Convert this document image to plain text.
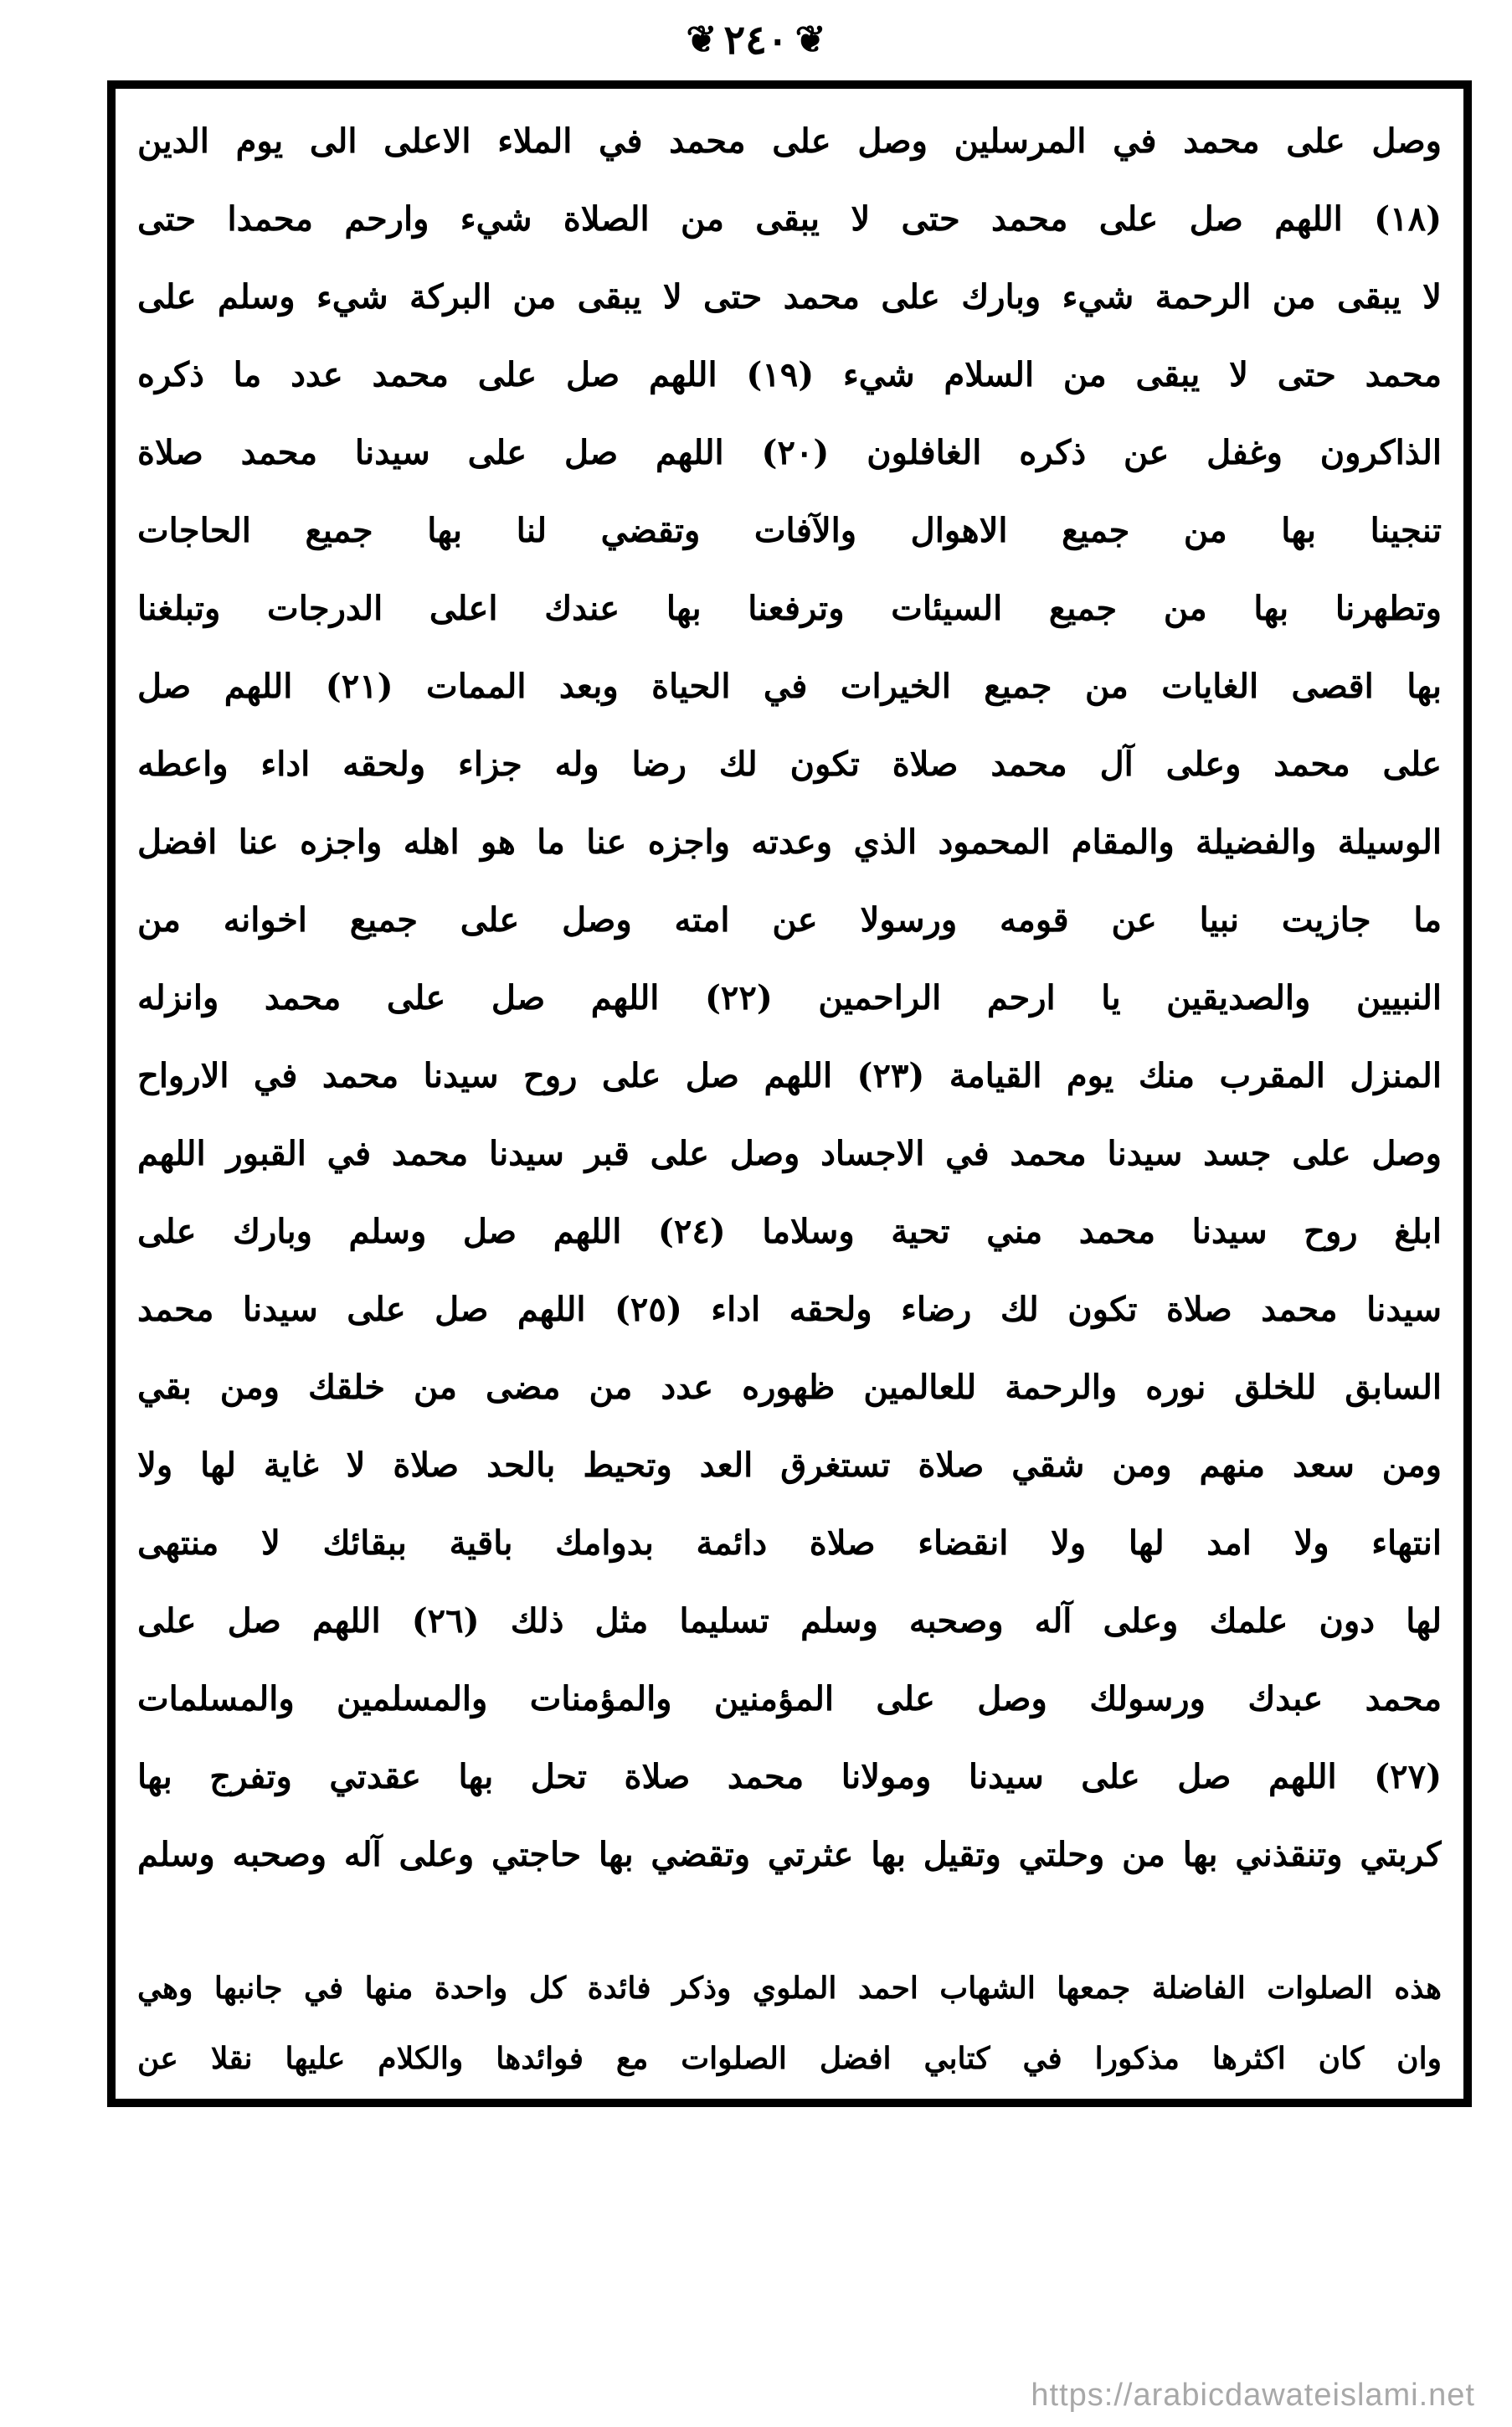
❦ ٢٤٠ ❦
وصل على محمد في المرسلين وصل على محمد في الملاء الاعلى الى يوم الدين
(١٨) اللهم صل على محمد حتى لا يبقى من الصلاة شيء وارحم محمدا حتى
لا يبقى من الرحمة شيء وبارك على محمد حتى لا يبقى من البركة شيء وسلم على
محمد حتى لا يبقى من السلام شيء (١٩) اللهم صل على محمد عدد ما ذكره
الذاكرون وغفل عن ذكره الغافلون (٢٠) اللهم صل على سيدنا محمد صلاة
تنجينا بها من جميع الاهوال والآفات وتقضي لنا بها جميع الحاجات
وتطهرنا بها من جميع السيئات وترفعنا بها عندك اعلى الدرجات وتبلغنا
بها اقصى الغايات من جميع الخيرات في الحياة وبعد الممات (٢١) اللهم صل
على محمد وعلى آل محمد صلاة تكون لك رضا وله جزاء ولحقه اداء واعطه
الوسيلة والفضيلة والمقام المحمود الذي وعدته واجزه عنا ما هو اهله واجزه عنا افضل
ما جازيت نبيا عن قومه ورسولا عن امته وصل على جميع اخوانه من
النبيين والصديقين يا ارحم الراحمين (٢٢) اللهم صل على محمد وانزله
المنزل المقرب منك يوم القيامة (٢٣) اللهم صل على روح سيدنا محمد في الارواح
وصل على جسد سيدنا محمد في الاجساد وصل على قبر سيدنا محمد في القبور اللهم
ابلغ روح سيدنا محمد مني تحية وسلاما (٢٤) اللهم صل وسلم وبارك على
سيدنا محمد صلاة تكون لك رضاء ولحقه اداء (٢٥) اللهم صل على سيدنا محمد
السابق للخلق نوره والرحمة للعالمين ظهوره عدد من مضى من خلقك ومن بقي
ومن سعد منهم ومن شقي صلاة تستغرق العد وتحيط بالحد صلاة لا غاية لها ولا
انتهاء ولا امد لها ولا انقضاء صلاة دائمة بدوامك باقية ببقائك لا منتهى
لها دون علمك وعلى آله وصحبه وسلم تسليما مثل ذلك (٢٦) اللهم صل على
محمد عبدك ورسولك وصل على المؤمنين والمؤمنات والمسلمين والمسلمات
(٢٧) اللهم صل على سيدنا ومولانا محمد صلاة تحل بها عقدتي وتفرج بها
كربتي وتنقذني بها من وحلتي وتقيل بها عثرتي وتقضي بها حاجتي وعلى آله وصحبه وسلم
هذه الصلوات الفاضلة جمعها الشهاب احمد الملوي وذكر فائدة كل واحدة منها في جانبها وهي
وان كان اكثرها مذكورا في كتابي افضل الصلوات مع فوائدها والكلام عليها نقلا عن
https://arabicdawateislami.net
